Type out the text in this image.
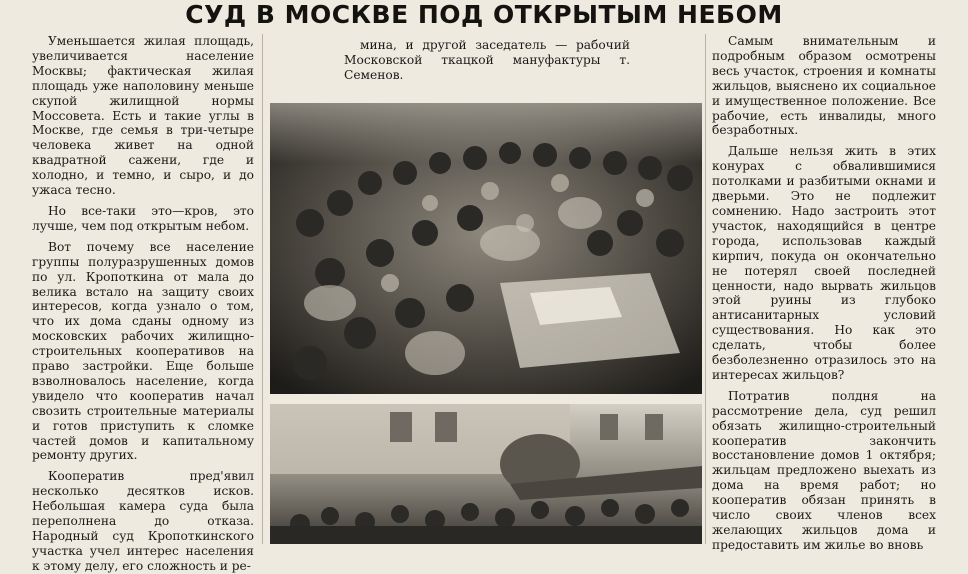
СУД В МОСКВЕ ПОД ОТКРЫТЫМ НЕБОМ

Уменьшается жилая площадь, увеличивается население Москвы; фактическая жилая площадь уже наполовину меньше скупой жилищной нормы Моссовета. Есть и такие углы в Москве, где семья в три-четыре человека живет на одной квадратной сажени, где и холодно, и темно, и сыро, и до ужаса тесно.

Но все-таки это—кров, это лучше, чем под открытым небом.

Вот почему все население группы полуразрушенных домов по ул. Кропоткина от мала до велика встало на защиту своих интересов, когда узнало о том, что их дома сданы одному из московских рабочих жилищно-строительных кооперативов на право застройки. Еще больше взволновалось население, когда увидело что кооператив начал свозить строительные материалы и готов приступить к сломке частей домов и капитальному ремонту других.

Кооператив пред'явил несколько десятков исков. Небольшая камера суда была переполнена до отказа. Народный суд Кропоткинского участка учел интерес населения к этому делу, его сложность и ре-

мина, и другой заседатель — рабочий Московской ткацкой мануфактуры т. Семенов.

Самым внимательным и подробным образом осмотрены весь участок, строения и комнаты жильцов, выяснено их социальное и имущественное положение. Все рабочие, есть инвалиды, много безработных.

Дальше нельзя жить в этих конурах с обвалившимися потолками и разбитыми окнами и дверьми. Это не подлежит сомнению. Надо застроить этот участок, находящийся в центре города, использовав каждый кирпич, покуда он окончательно не потерял своей последней ценности, надо вырвать жильцов этой руины из глубоко антисанитарных условий существования. Но как это сделать, чтобы более безболезненно отразилось это на интересах жильцов?

Потратив полдня на рассмотрение дела, суд решил обязать жилищно-строительный кооператив закончить восстановление домов 1 октября; жильцам предложено выехать из дома на время работ; но кооператив обязан принять в число своих членов всех желающих жильцов дома и предоставить им жилье во вновь
